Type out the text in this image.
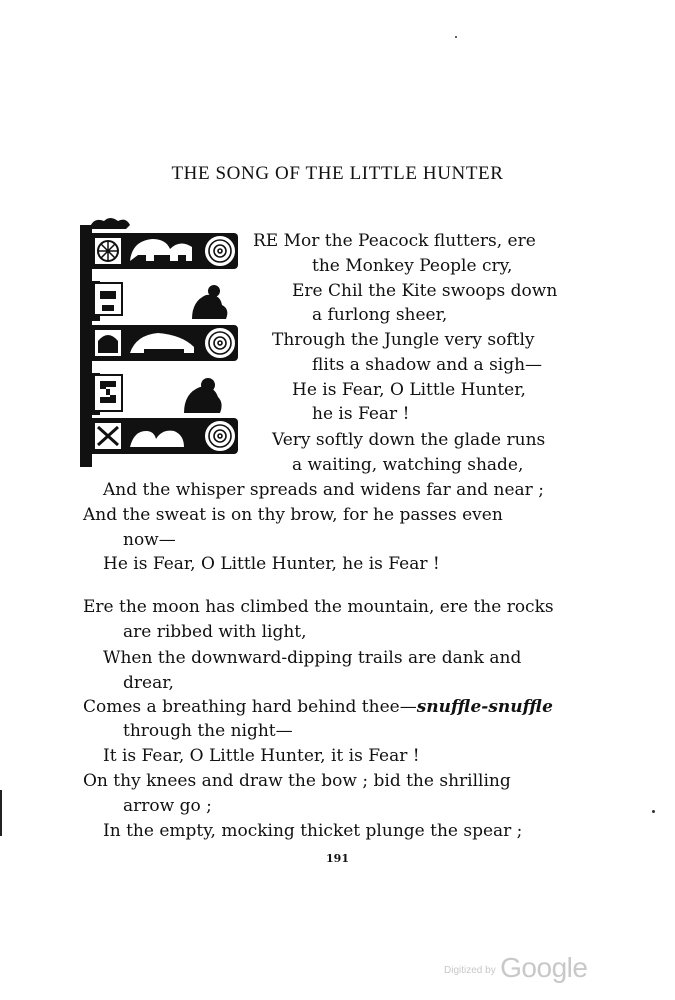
THE SONG OF THE LITTLE HUNTER
RE Mor the Peacock flutters, ere
the Monkey People cry,
Ere Chil the Kite swoops down
a furlong sheer,
Through the Jungle very softly
flits a shadow and a sigh—
He is Fear, O Little Hunter,
he is Fear !
Very softly down the glade runs
a waiting, watching shade,
And the whisper spreads and widens far and near ;
And the sweat is on thy brow, for he passes even
now—
He is Fear, O Little Hunter, he is Fear !
Ere the moon has climbed the mountain, ere the rocks
are ribbed with light,
When the downward-dipping trails are dank and
drear,
Comes a breathing hard behind thee—snuffle-snuffle
through the night—
It is Fear, O Little Hunter, it is Fear !
On thy knees and draw the bow ; bid the shrilling
arrow go ;
In the empty, mocking thicket plunge the spear ;
191
$^{Digitized by}$ Google
